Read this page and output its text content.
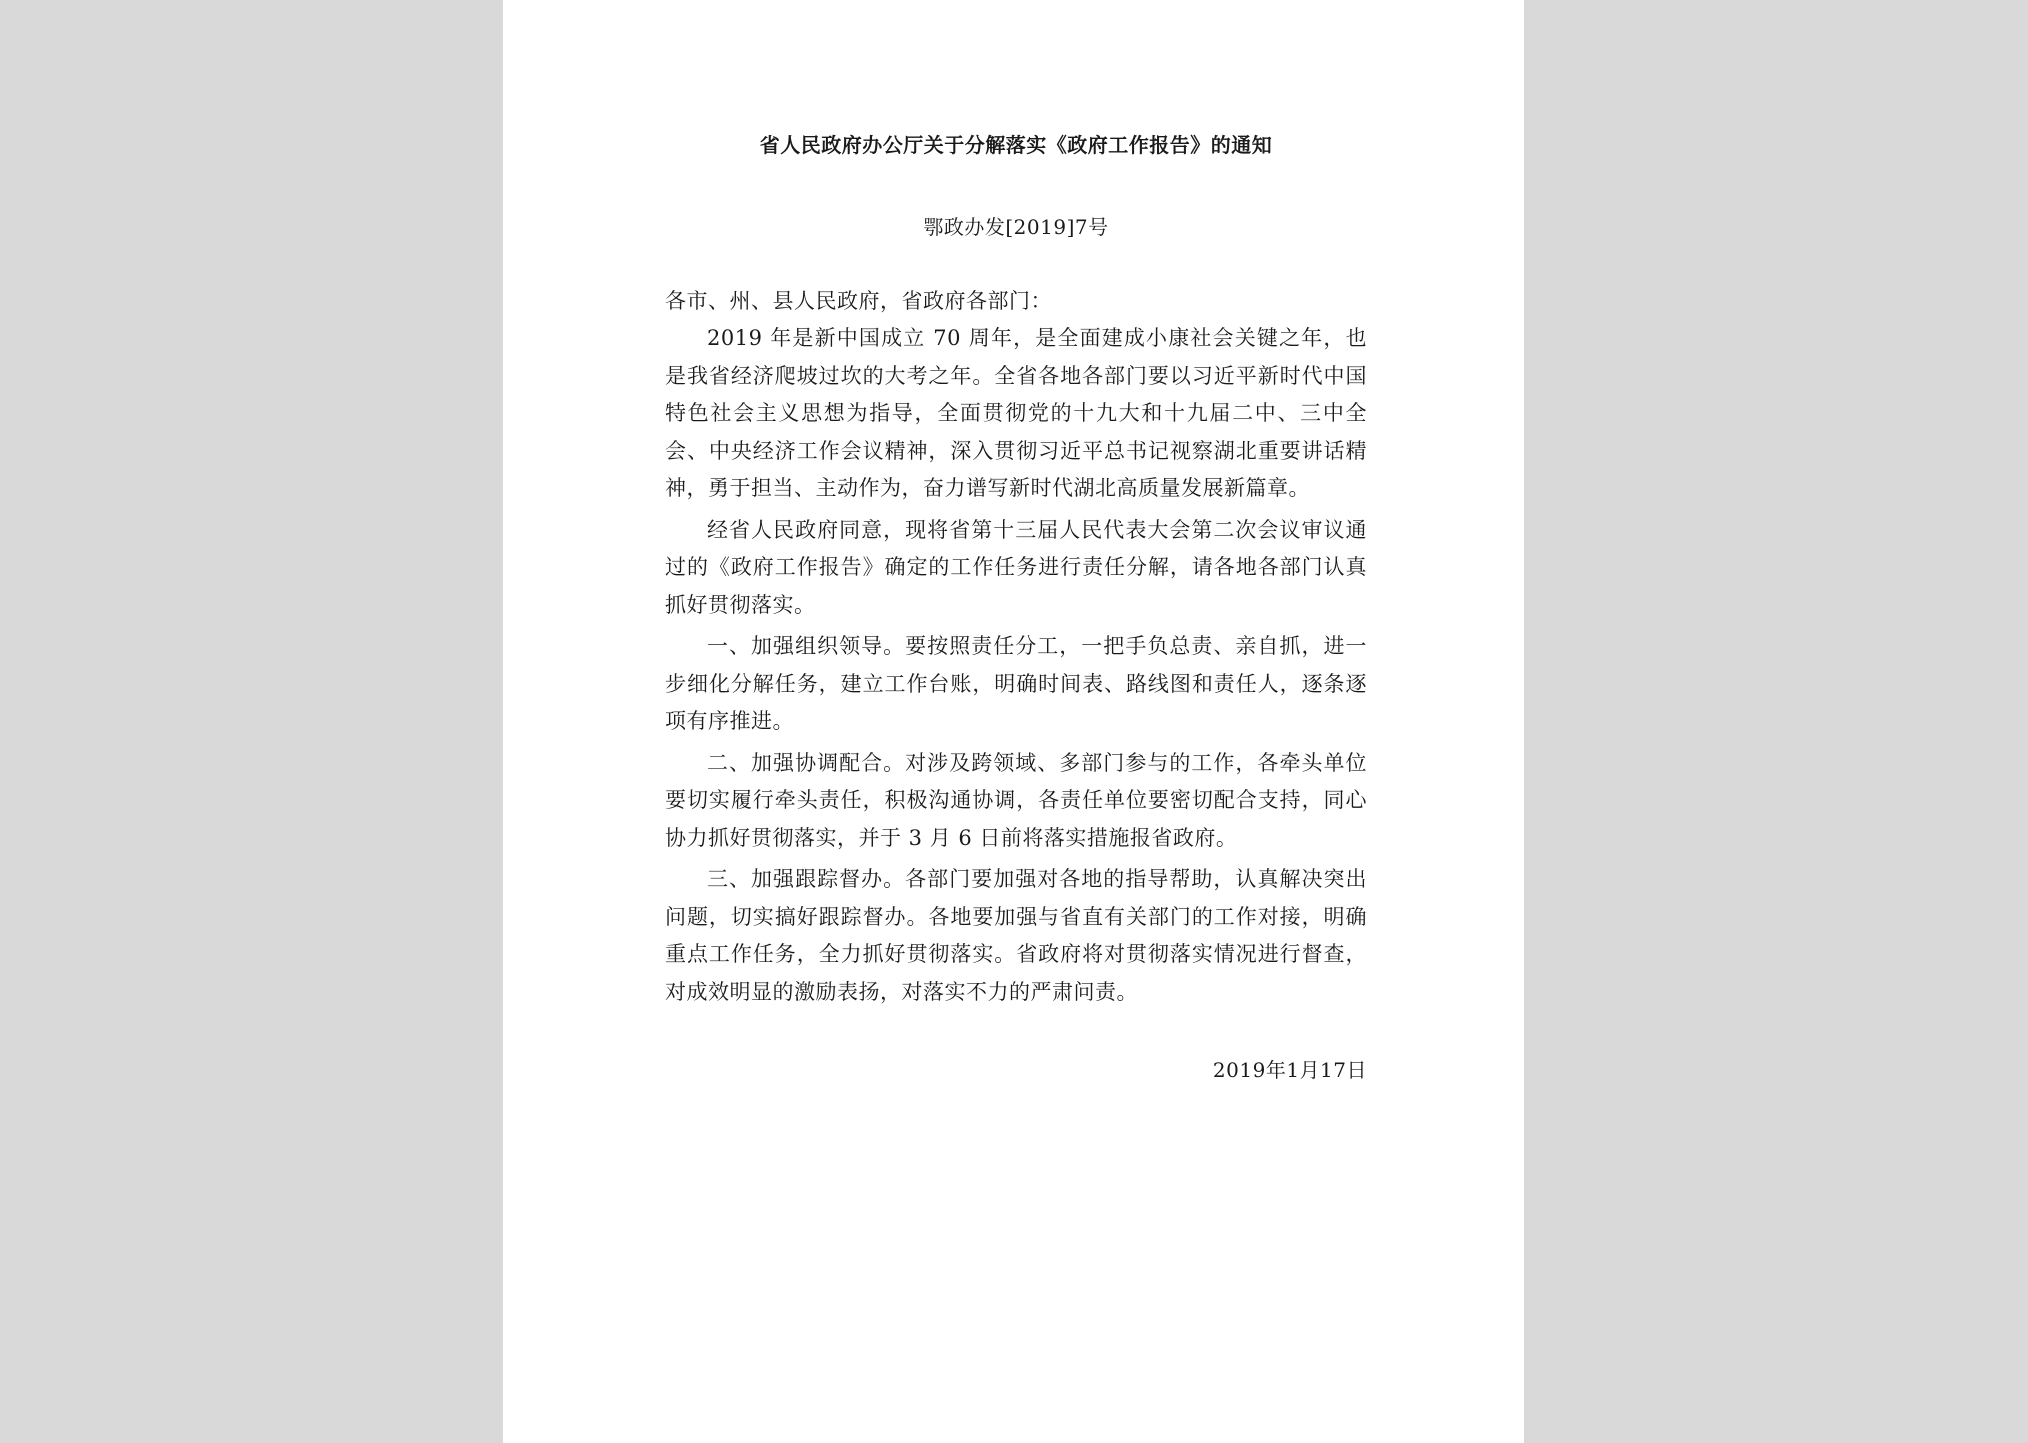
省人民政府办公厅关于分解落实《政府工作报告》的通知
鄂政办发[2019]7号
各市、州、县人民政府，省政府各部门：

2019 年是新中国成立 70 周年，是全面建成小康社会关键之年，也是我省经济爬坡过坎的大考之年。全省各地各部门要以习近平新时代中国特色社会主义思想为指导，全面贯彻党的十九大和十九届二中、三中全会、中央经济工作会议精神，深入贯彻习近平总书记视察湖北重要讲话精神，勇于担当、主动作为，奋力谱写新时代湖北高质量发展新篇章。

经省人民政府同意，现将省第十三届人民代表大会第二次会议审议通过的《政府工作报告》确定的工作任务进行责任分解，请各地各部门认真抓好贯彻落实。

一、加强组织领导。要按照责任分工，一把手负总责、亲自抓，进一步细化分解任务，建立工作台账，明确时间表、路线图和责任人，逐条逐项有序推进。

二、加强协调配合。对涉及跨领域、多部门参与的工作，各牵头单位要切实履行牵头责任，积极沟通协调，各责任单位要密切配合支持，同心协力抓好贯彻落实，并于 3 月 6 日前将落实措施报省政府。

三、加强跟踪督办。各部门要加强对各地的指导帮助，认真解决突出问题，切实搞好跟踪督办。各地要加强与省直有关部门的工作对接，明确重点工作任务，全力抓好贯彻落实。省政府将对贯彻落实情况进行督查，对成效明显的激励表扬，对落实不力的严肃问责。

2019年1月17日
